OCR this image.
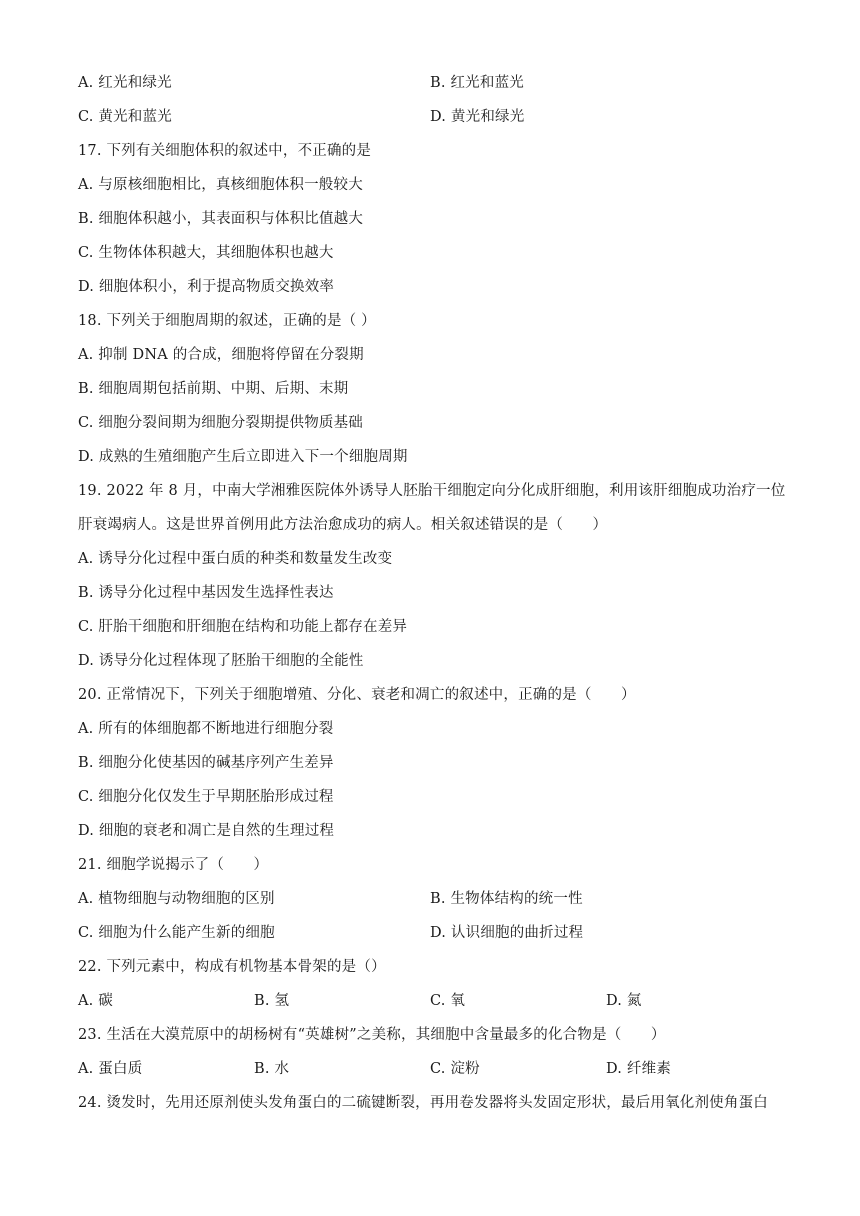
A. 红光和绿光	B. 红光和蓝光
C. 黄光和蓝光	D. 黄光和绿光
17. 下列有关细胞体积的叙述中，不正确的是
A. 与原核细胞相比，真核细胞体积一般较大
B. 细胞体积越小，其表面积与体积比值越大
C. 生物体体积越大，其细胞体积也越大
D. 细胞体积小，利于提高物质交换效率
18. 下列关于细胞周期的叙述，正确的是（ ）
A. 抑制 DNA 的合成，细胞将停留在分裂期
B. 细胞周期包括前期、中期、后期、末期
C. 细胞分裂间期为细胞分裂期提供物质基础
D. 成熟的生殖细胞产生后立即进入下一个细胞周期
19. 2022 年 8 月，中南大学湘雅医院体外诱导人胚胎干细胞定向分化成肝细胞，利用该肝细胞成功治疗一位
肝衰竭病人。这是世界首例用此方法治愈成功的病人。相关叙述错误的是（　　）
A. 诱导分化过程中蛋白质的种类和数量发生改变
B. 诱导分化过程中基因发生选择性表达
C. 肝胎干细胞和肝细胞在结构和功能上都存在差异
D. 诱导分化过程体现了胚胎干细胞的全能性
20. 正常情况下，下列关于细胞增殖、分化、衰老和凋亡的叙述中，正确的是（　　）
A. 所有的体细胞都不断地进行细胞分裂
B. 细胞分化使基因的碱基序列产生差异
C. 细胞分化仅发生于早期胚胎形成过程
D. 细胞的衰老和凋亡是自然的生理过程
21. 细胞学说揭示了（　　）
A. 植物细胞与动物细胞的区别	B. 生物体结构的统一性
C. 细胞为什么能产生新的细胞	D. 认识细胞的曲折过程
22. 下列元素中，构成有机物基本骨架的是（）
A. 碳	B. 氢	C. 氧	D. 氮
23. 生活在大漠荒原中的胡杨树有“英雄树”之美称，其细胞中含量最多的化合物是（　　）
A. 蛋白质	B. 水	C. 淀粉	D. 纤维素
24. 烫发时，先用还原剂使头发角蛋白的二硫键断裂，再用卷发器将头发固定形状，最后用氧化剂使角蛋白
